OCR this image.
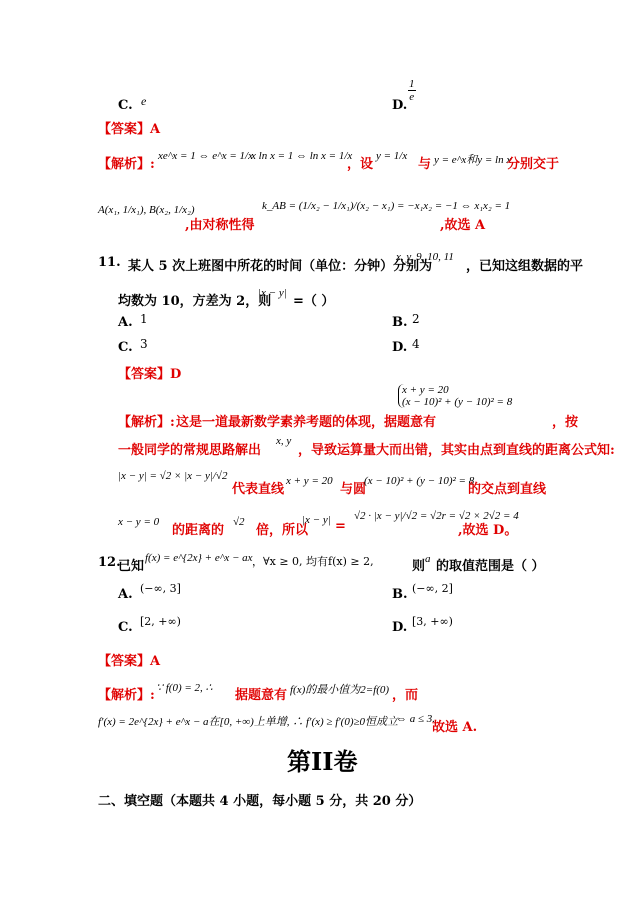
C. e	D.
$\frac{1}{e}$
【答案】A
【解析】:
xe^x = 1 ⇔ e^x = 1/x
x ln x = 1 ⇔ ln x = 1/x
，设
y = 1/x
与 y = e^x和y = ln x
分别交于
A(x₁, 1/x₁), B(x₂, 1/x₂)
,由对称性得
k_AB = (1/x₂ − 1/x₁)/(x₂ − x₁) = −x₁x₂ = −1 ⇔ x₁x₂ = 1
,故选 A
11. 某人 5 次上班图中所花的时间（单位：分钟）分别为
x, y, 9, 10, 11
，已知这组数据的平
均数为 10，方差为 2，则
|x − y|
=（ ）
A. 1	B. 2
C. 3	D. 4
【答案】D
x + y = 20
(x − 10)² + (y − 10)² = 8
【解析】: 这是一道最新数学素养考题的体现，据题意有	，按
一般同学的常规思路解出
x, y
，导致运算量大而出错，其实由点到直线的距离公式知:
|x − y| = √2 × |x − y|/√2
代表直线
x + y = 20
与圆
(x − 10)² + (y − 10)² = 8
的交点到直线
x − y = 0
的距离的
√2
倍，所以
|x − y| =
√2 · |x − y|/√2 = √2r = √2 × 2√2 = 4
,故选 D。
12.
已知
f(x) = e^{2x} + e^x − ax ，∀x ≥ 0, 均有f(x) ≥ 2,	则 a 的取值范围是（ ）
A. (−∞, 3]	B. (−∞, 2]
C. [2, +∞)	D. [3, +∞)
【答案】A
【解析】: ∵ f(0) = 2, ∴ 据题意有 f(x)的最小值为2=f(0) ，而
f′(x) = 2e^{2x} + e^x − a在[0, +∞)上单增, ∴ f′(x) ≥ f′(0)≥0恒成立
⇔ a ≤ 3.
故选 A.
第II卷
二、填空题（本题共 4 小题，每小题 5 分，共 20 分）
